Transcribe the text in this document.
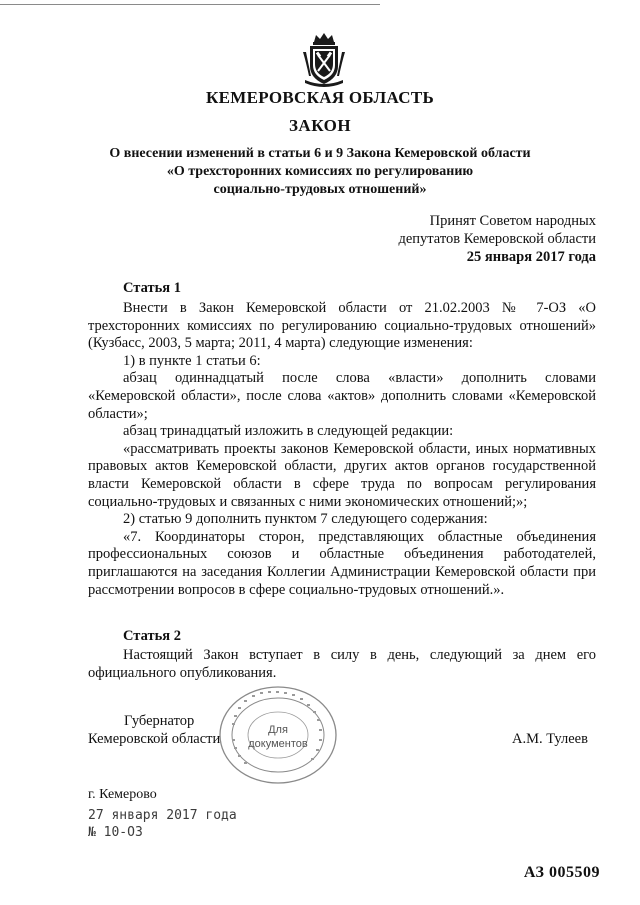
КЕМЕРОВСКАЯ ОБЛАСТЬ
ЗАКОН
О внесении изменений в статьи 6 и 9 Закона Кемеровской области
«О трехсторонних комиссиях по регулированию
социально-трудовых отношений»
Принят Советом народных
депутатов Кемеровской области
25 января 2017 года
Статья 1

Внести в Закон Кемеровской области от 21.02.2003 № 7-ОЗ «О трехсторонних комиссиях по регулированию социально-трудовых отношений» (Кузбасс, 2003, 5 марта; 2011, 4 марта) следующие изменения:

1) в пункте 1 статьи 6:

абзац одиннадцатый после слова «власти» дополнить словами «Кемеровской области», после слова «актов» дополнить словами «Кемеровской области»;

абзац тринадцатый изложить в следующей редакции:

«рассматривать проекты законов Кемеровской области, иных нормативных правовых актов Кемеровской области, других актов органов государственной власти Кемеровской области в сфере труда по вопросам регулирования социально-трудовых и связанных с ними экономических отношений;»;

2) статью 9 дополнить пунктом 7 следующего содержания:

«7. Координаторы сторон, представляющих областные объединения профессиональных союзов и областные объединения работодателей, приглашаются на заседания Коллегии Администрации Кемеровской области при рассмотрении вопросов в сфере социально-трудовых отношений.».

Статья 2

Настоящий Закон вступает в силу в день, следующий за днем его официального опубликования.

Для
документов
Губернатор
Кемеровской области	А.М. Тулеев
г. Кемерово
27 января 2017 года
№ 10-ОЗ
АЗ 005509
